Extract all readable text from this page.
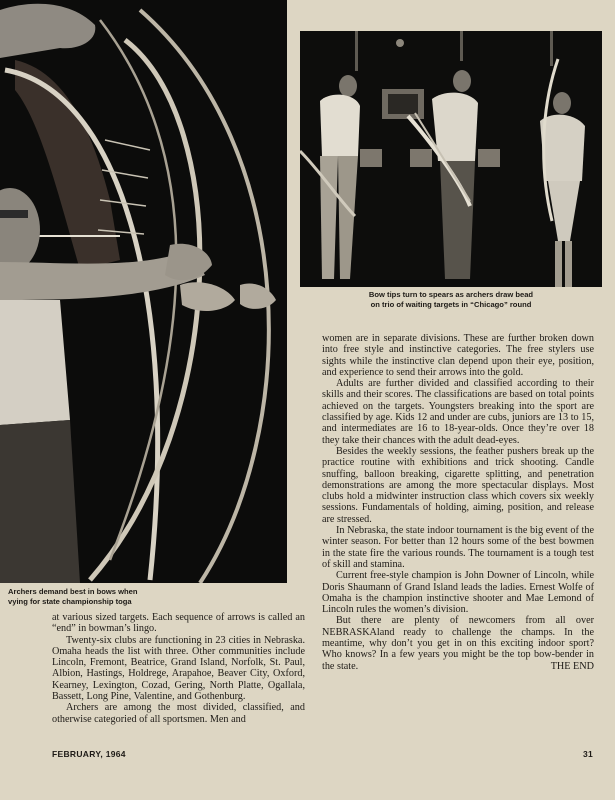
Archers demand best in bows when
vying for state championship toga
Bow tips turn to spears as archers draw bead
on trio of waiting targets in “Chicago” round

at various sized targets. Each sequence of arrows is called an “end” in bowman’s lingo.

Twenty-six clubs are functioning in 23 cities in Nebraska. Omaha heads the list with three. Other communities include Lincoln, Fremont, Beatrice, Grand Island, Norfolk, St. Paul, Albion, Hastings, Holdrege, Arapahoe, Beaver City, Oxford, Kearney, Lexington, Cozad, Gering, North Platte, Ogallala, Bassett, Long Pine, Valentine, and Gothenburg.

Archers are among the most divided, classified, and otherwise categoried of all sportsmen. Men and

women are in separate divisions. These are further broken down into free style and instinctive categories. The free stylers use sights while the instinctive clan depend upon their eye, position, and experience to send their arrows into the gold.

Adults are further divided and classified according to their skills and their scores. The classifications are based on total points achieved on the targets. Youngsters breaking into the sport are classified by age. Kids 12 and under are cubs, juniors are 13 to 15, and intermediates are 16 to 18-year-olds. Once they’re over 18 they take their chances with the adult dead-eyes.

Besides the weekly sessions, the feather pushers break up the practice routine with exhibitions and trick shooting. Candle snuffing, balloon breaking, cigarette splitting, and penetration demonstrations are among the more spectacular displays. Most clubs hold a midwinter instruction class which covers six weekly sessions. Fundamentals of holding, aiming, position, and release are stressed.

In Nebraska, the state indoor tournament is the big event of the winter season. For better than 12 hours some of the best bowmen in the state fire the various rounds. The tournament is a tough test of skill and stamina.

Current free-style champion is John Downer of Lincoln, while Doris Shaumann of Grand Island leads the ladies. Ernest Wolfe of Omaha is the champion instinctive shooter and Mae Lemond of Lincoln rules the women’s division.

But there are plenty of newcomers from all over NEBRASKAland ready to challenge the champs. In the meantime, why don’t you get in on this exciting indoor sport? Who knows? In a few years you might be the top bow-bender in the state.	THE END

FEBRUARY, 1964	31
